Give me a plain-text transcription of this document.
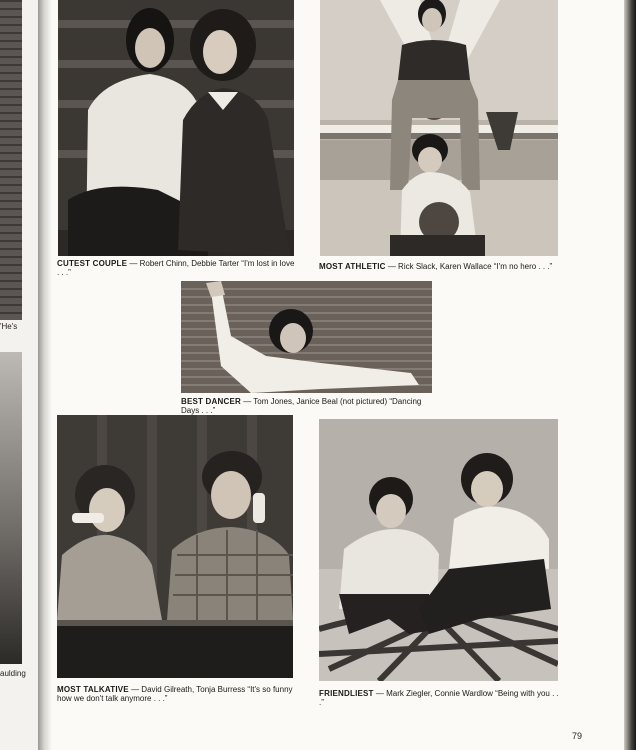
'He's
aulding
CUTEST COUPLE — Robert Chinn, Debbie Tarter “I'm lost in love . . .”
MOST ATHLETIC — Rick Slack, Karen Wallace “I'm no hero . . .”
BEST DANCER — Tom Jones, Janice Beal (not pictured) “Dancing Days . . .”
MOST TALKATIVE — David Gilreath, Tonja Burress “It's so funny how we don't talk anymore . . .”
FRIENDLIEST — Mark Ziegler, Connie Wardlow “Being with you . . .”
79
